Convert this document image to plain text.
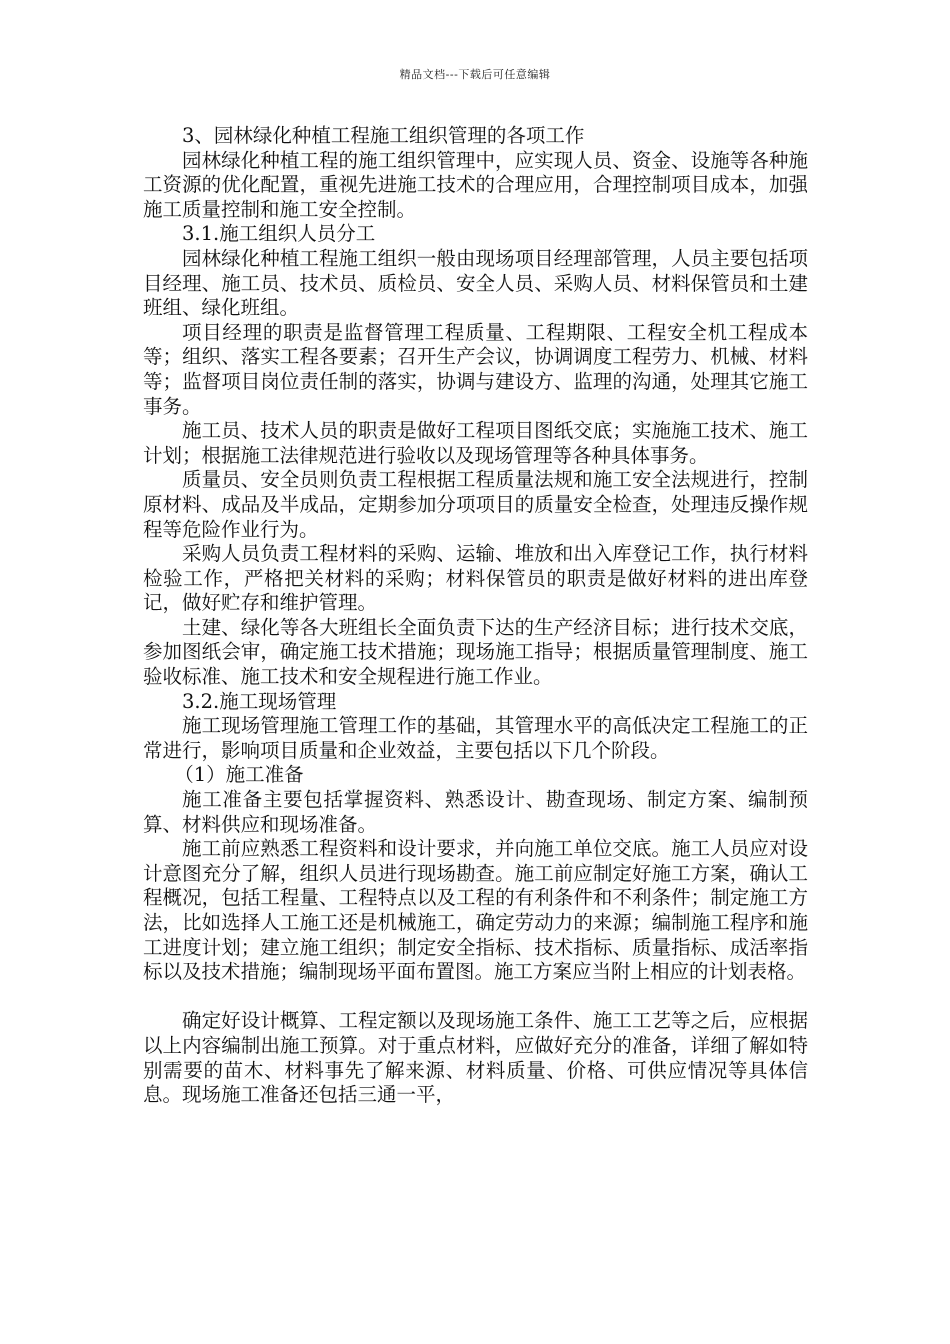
精品文档---下载后可任意编辑

3、园林绿化种植工程施工组织管理的各项工作

园林绿化种植工程的施工组织管理中，应实现人员、资金、设施等各种施工资源的优化配置，重视先进施工技术的合理应用，合理控制项目成本，加强施工质量控制和施工安全控制。

3.1.施工组织人员分工

园林绿化种植工程施工组织一般由现场项目经理部管理，人员主要包括项目经理、施工员、技术员、质检员、安全人员、采购人员、材料保管员和土建班组、绿化班组。

项目经理的职责是监督管理工程质量、工程期限、工程安全机工程成本等；组织、落实工程各要素；召开生产会议，协调调度工程劳力、机械、材料等；监督项目岗位责任制的落实，协调与建设方、监理的沟通，处理其它施工事务。

施工员、技术人员的职责是做好工程项目图纸交底；实施施工技术、施工计划；根据施工法律规范进行验收以及现场管理等各种具体事务。

质量员、安全员则负责工程根据工程质量法规和施工安全法规进行，控制原材料、成品及半成品，定期参加分项项目的质量安全检查，处理违反操作规程等危险作业行为。

采购人员负责工程材料的采购、运输、堆放和出入库登记工作，执行材料检验工作，严格把关材料的采购；材料保管员的职责是做好材料的进出库登记，做好贮存和维护管理。

土建、绿化等各大班组长全面负责下达的生产经济目标；进行技术交底，参加图纸会审，确定施工技术措施；现场施工指导；根据质量管理制度、施工验收标准、施工技术和安全规程进行施工作业。

3.2.施工现场管理

施工现场管理施工管理工作的基础，其管理水平的高低决定工程施工的正常进行，影响项目质量和企业效益，主要包括以下几个阶段。

（1）施工准备

施工准备主要包括掌握资料、熟悉设计、勘查现场、制定方案、编制预算、材料供应和现场准备。

施工前应熟悉工程资料和设计要求，并向施工单位交底。施工人员应对设计意图充分了解，组织人员进行现场勘查。施工前应制定好施工方案，确认工程概况，包括工程量、工程特点以及工程的有利条件和不利条件；制定施工方法，比如选择人工施工还是机械施工，确定劳动力的来源；编制施工程序和施工进度计划；建立施工组织；制定安全指标、技术指标、质量指标、成活率指标以及技术措施；编制现场平面布置图。施工方案应当附上相应的计划表格。

确定好设计概算、工程定额以及现场施工条件、施工工艺等之后，应根据以上内容编制出施工预算。对于重点材料，应做好充分的准备，详细了解如特别需要的苗木、材料事先了解来源、材料质量、价格、可供应情况等具体信息。现场施工准备还包括三通一平，
